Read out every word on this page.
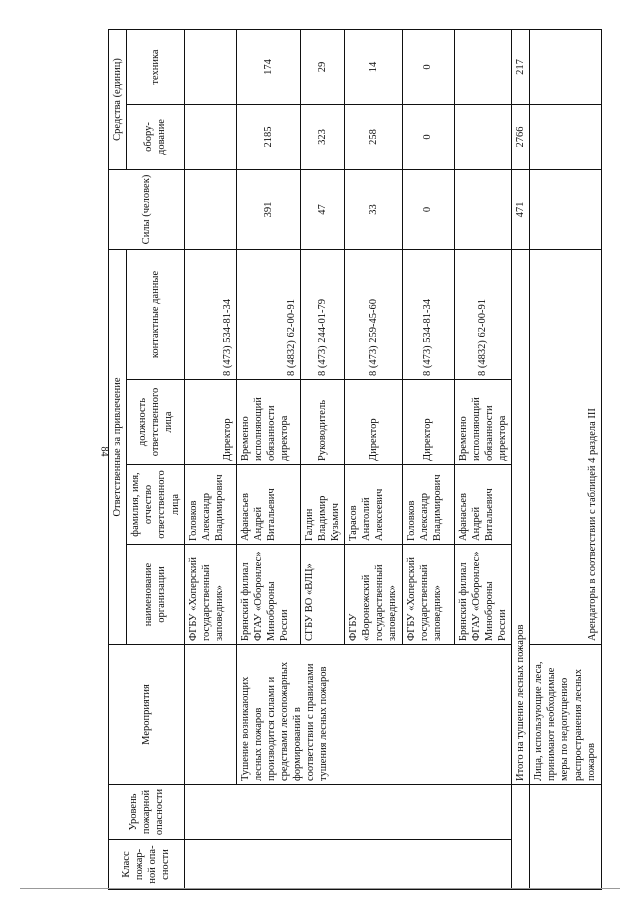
84
Класс пожар-ной опа-сности	Уровень пожарной опасности	Мероприятия	Ответственные за привлечение				Силы (человек)	Средства (единиц)	
			наименование организации	фамилия, имя, отчество ответственного лица	должность ответственного лица	контактные данные		обору-дование	техника
			ФГБУ «Хоперский государственный заповедник»	Головков Александр Владимирович	Директор	8 (473) 534-81-34			
		Тушение возникающих лесных пожаров производится силами и средствами лесопожарных формирований в соответствии с правилами тушения лесных пожаров	Брянский филиал ФГАУ «Оборонлес» Минобороны России	Афанасьев Андрей Витальевич	Временно исполняющий обязанности директора	8 (4832) 62-00-91	391	2185	174
			СГБУ ВО «ВЛЦ»	Галдин Владимир Кузьмич	Руководитель	8 (473) 244-01-79	47	323	29
			ФГБУ «Воронежский государственный заповедник»	Тарасов Анатолий Алексеевич	Директор	8 (473) 259-45-60	33	258	14
			ФГБУ «Хоперский государственный заповедник»	Головков Александр Владимирович	Директор	8 (473) 534-81-34	0	0	0
			Брянский филиал ФГАУ «Оборонлес» Минобороны России	Афанасьев Андрей Витальевич	Временно исполняющий обязанности директора	8 (4832) 62-00-91			
		Итого на тушение лесных пожаров					471	2766	217
		Лица, использующие леса, принимают необходимые меры по недопущению распространения лесных пожаров	Арендаторы в соответствии с таблицей 4 раздела III						
